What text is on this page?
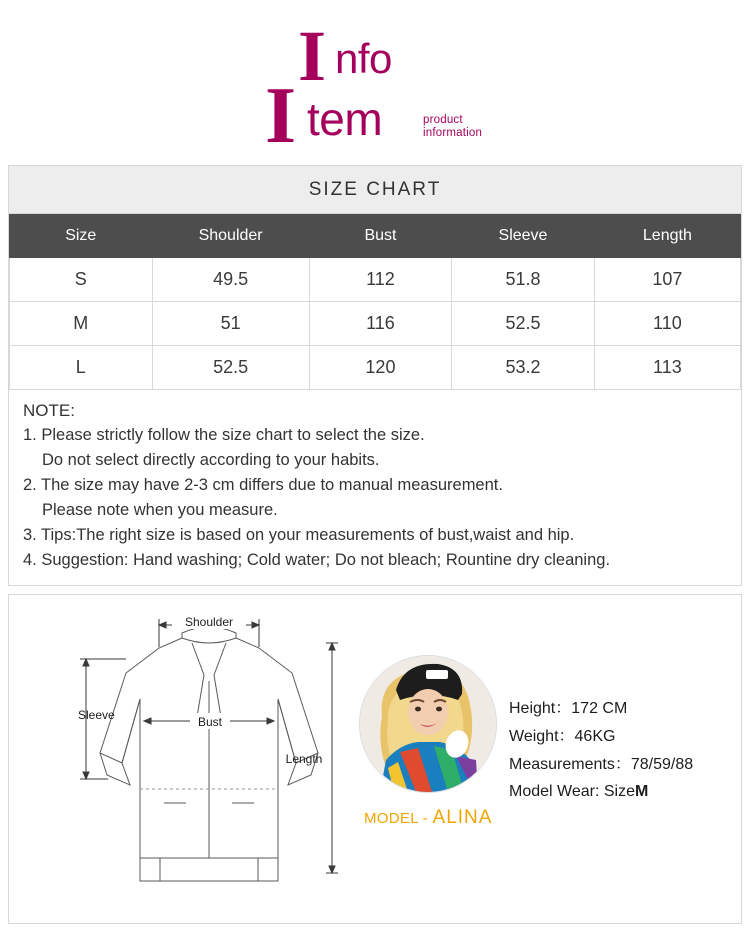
I nfo
I tem	product
information
SIZE CHART
Size	Shoulder	Bust	Sleeve	Length
S	49.5	112	51.8	107
M	51	116	52.5	110
L	52.5	120	53.2	113
NOTE:
1. Please strictly follow the size chart to select the size.
Do not select directly according to your habits.
2. The size may have 2-3 cm differs due to manual measurement.
Please note when you measure.
3. Tips:The right size is based on your measurements of bust,waist and hip.
4. Suggestion: Hand washing; Cold water; Do not bleach; Rountine dry cleaning.
Shoulder
Bust
Sleeve
Length
MODEL - ALINA
Height：172 CM
Weight：46KG
Measurements：78/59/88
Model Wear: SizeM
